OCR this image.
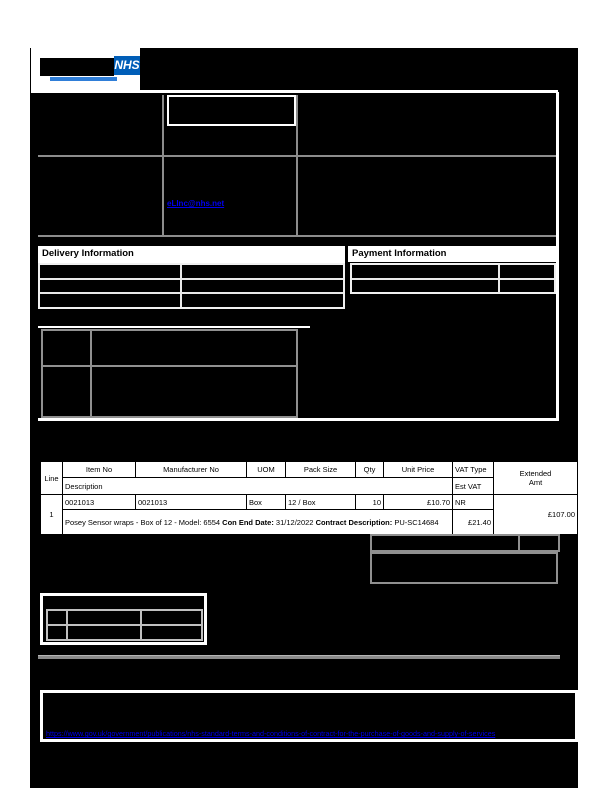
NHS
eLInc@nhs.net
Delivery Information	Payment Information
Line	Item No	Manufacturer No	UOM	Pack Size	Qty	Unit Price	VAT Type	Extended Amt
	Description						Est VAT	
1	0021013	0021013	Box	12 / Box	10	£10.70	NR	£107.00
	Posey Sensor wraps - Box of 12 - Model: 6554 Con End Date: 31/12/2022 Contract Description: PU-SC14684						£21.40	
https://www.gov.uk/government/publications/nhs-standard-terms-and-conditions-of-contract-for-the-purchase-of-goods-and-supply-of-services
